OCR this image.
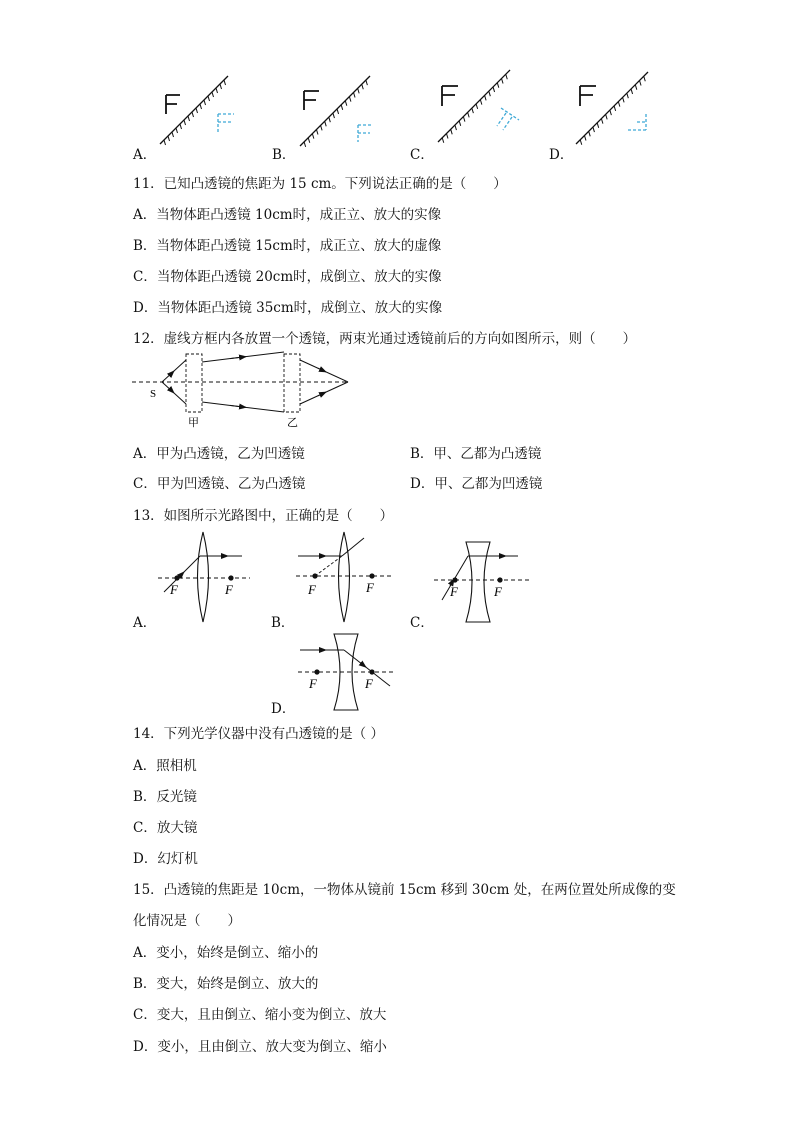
A．	B．	C．	D．
11．已知凸透镜的焦距为 15 cm。下列说法正确的是（　　）
A．当物体距凸透镜 10cm时，成正立、放大的实像
B．当物体距凸透镜 15cm时，成正立、放大的虚像
C．当物体距凸透镜 20cm时，成倒立、放大的实像
D．当物体距凸透镜 35cm时，成倒立、放大的实像
12．虚线方框内各放置一个透镜，两束光通过透镜前后的方向如图所示，则（　　）
S
甲	乙
A．甲为凸透镜，乙为凹透镜	B．甲、乙都为凸透镜
C．甲为凹透镜、乙为凸透镜	D．甲、乙都为凹透镜
13．如图所示光路图中，正确的是（　　）
F	F	F	F	F	F
A．	B．	C．
F	F
D．
14．下列光学仪器中没有凸透镜的是（ ）
A．照相机
B．反光镜
C．放大镜
D．幻灯机
15．凸透镜的焦距是 10cm，一物体从镜前 15cm 移到 30cm 处，在两位置处所成像的变
化情况是（　　）
A．变小，始终是倒立、缩小的
B．变大，始终是倒立、放大的
C．变大，且由倒立、缩小变为倒立、放大
D．变小，且由倒立、放大变为倒立、缩小
